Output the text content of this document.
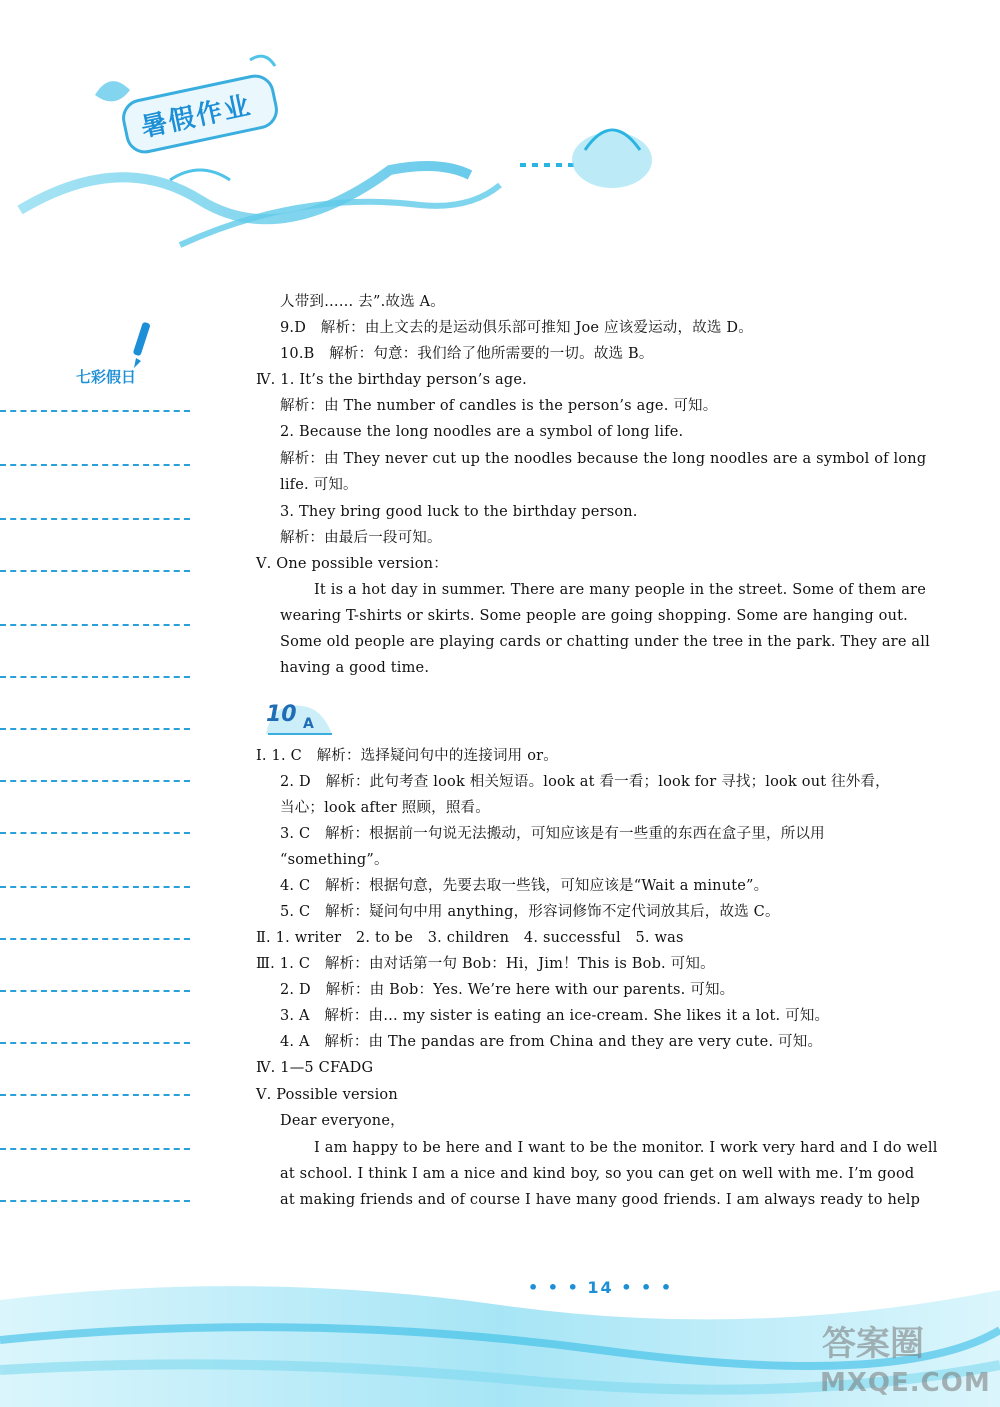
暑假作业
七彩假日
人带到…… 去”.故选 A。
9.D　解析：由上文去的是运动俱乐部可推知 Joe 应该爱运动，故选 D。
10.B　解析：句意：我们给了他所需要的一切。故选 B。
Ⅳ. 1. It’s the birthday person’s age.
解析：由 The number of candles is the person’s age. 可知。
2. Because the long noodles are a symbol of long life.
解析：由 They never cut up the noodles because the long noodles are a symbol of long
life. 可知。
3. They bring good luck to the birthday person.
解析：由最后一段可知。
Ⅴ. One possible version：
It is a hot day in summer. There are many people in the street. Some of them are
wearing T-shirts or skirts. Some people are going shopping. Some are hanging out.
Some old people are playing cards or chatting under the tree in the park. They are all
having a good time.
Ⅰ. 1. C　解析：选择疑问句中的连接词用 or。
2. D　解析：此句考查 look 相关短语。look at 看一看；look for 寻找；look out 往外看，
当心；look after 照顾，照看。
3. C　解析：根据前一句说无法搬动，可知应该是有一些重的东西在盒子里，所以用
“something”。
4. C　解析：根据句意，先要去取一些钱，可知应该是“Wait a minute”。
5. C　解析：疑问句中用 anything，形容词修饰不定代词放其后，故选 C。
Ⅱ. 1. writer　2. to be　3. children　4. successful　5. was
Ⅲ. 1. C　解析：由对话第一句 Bob：Hi，Jim！This is Bob. 可知。
2. D　解析：由 Bob：Yes. We’re here with our parents. 可知。
3. A　解析：由… my sister is eating an ice-cream. She likes it a lot. 可知。
4. A　解析：由 The pandas are from China and they are very cute. 可知。
Ⅳ. 1—5 CFADG
Ⅴ. Possible version
Dear everyone，
I am happy to be here and I want to be the monitor. I work very hard and I do well
at school. I think I am a nice and kind boy, so you can get on well with me. I’m good
at making friends and of course I have many good friends. I am always ready to help
10 A
• • • 14 • • •
答案圈
MXQE.COM
